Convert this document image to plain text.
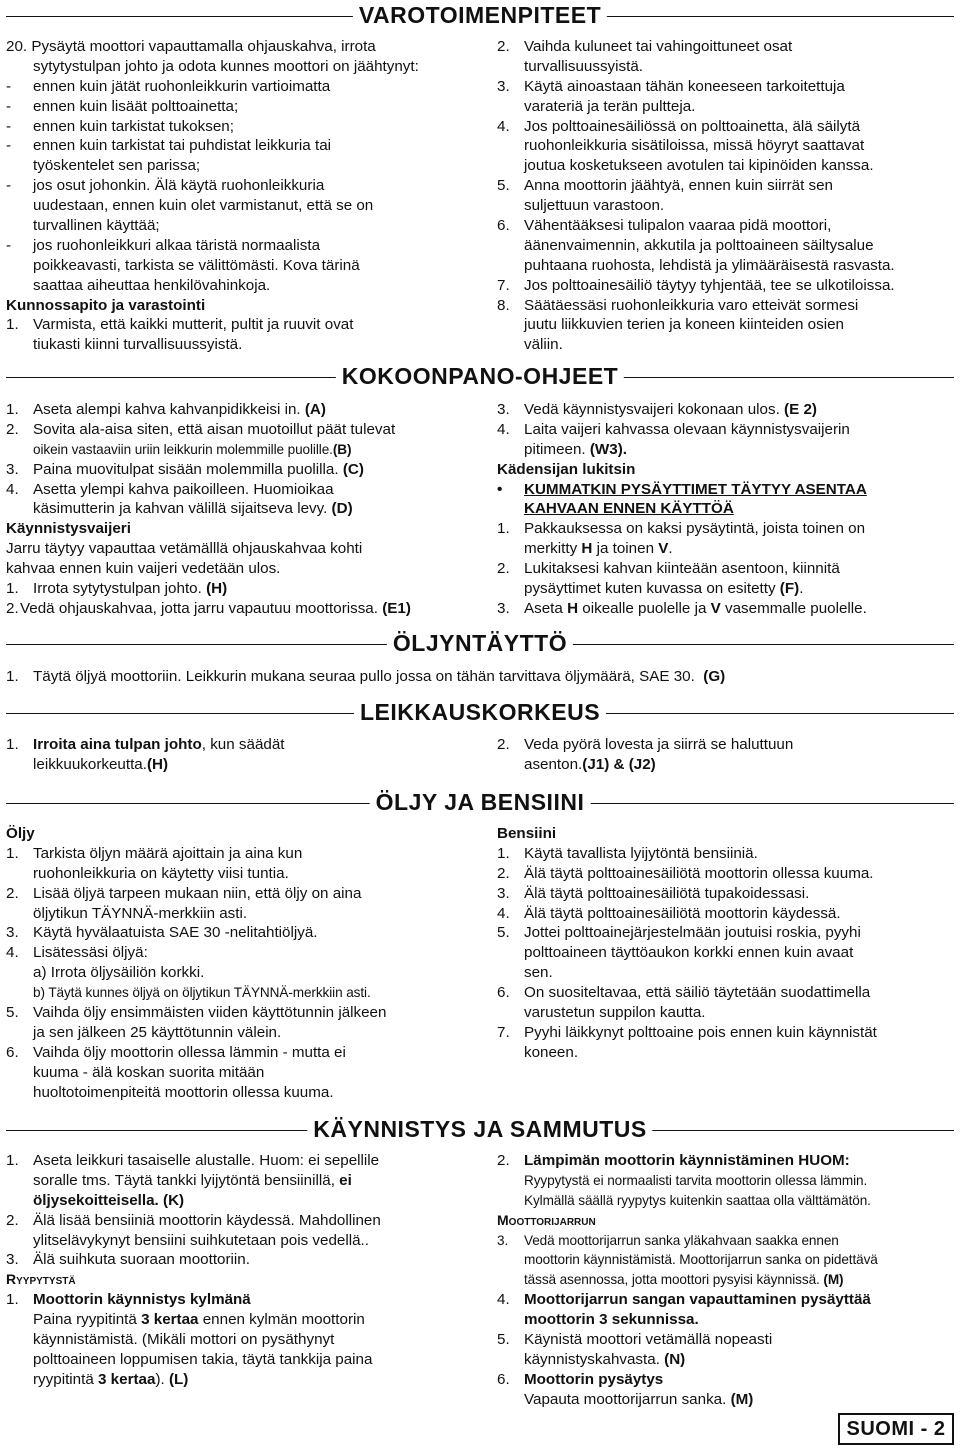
VAROTOIMENPITEET
20. Pysäytä moottori vapauttamalla ohjauskahva, irrota
sytytystulpan johto ja odota kunnes moottori on jäähtynyt:
- ennen kuin jätät ruohonleikkurin vartioimatta
- ennen kuin lisäät polttoainetta;
- ennen kuin tarkistat tukoksen;
- ennen kuin tarkistat tai puhdistat leikkuria tai
työskentelet sen parissa;
- jos osut johonkin. Älä käytä ruohonleikkuria
uudestaan, ennen kuin olet varmistanut, että se on
turvallinen käyttää;
- jos ruohonleikkuri alkaa täristä normaalista
poikkeavasti, tarkista se välittömästi. Kova tärinä
saattaa aiheuttaa henkilövahinkoja.
Kunnossapito ja varastointi
1. Varmista, että kaikki mutterit, pultit ja ruuvit ovat
tiukasti kiinni turvallisuussyistä.
2. Vaihda kuluneet tai vahingoittuneet osat
turvallisuussyistä.
3. Käytä ainoastaan tähän koneeseen tarkoitettuja
varateriä ja terän pultteja.
4. Jos polttoainesäiliössä on polttoainetta, älä säilytä
ruohonleikkuria sisätiloissa, missä höyryt saattavat
joutua kosketukseen avotulen tai kipinöiden kanssa.
5. Anna moottorin jäähtyä, ennen kuin siirrät sen
suljettuun varastoon.
6. Vähentääksesi tulipalon vaaraa pidä moottori,
äänenvaimennin, akkutila ja polttoaineen säiltysalue
puhtaana ruohosta, lehdistä ja ylimääräisestä rasvasta.
7. Jos polttoainesäiliö täytyy tyhjentää, tee se ulkotiloissa.
8. Säätäessäsi ruohonleikkuria varo etteivät sormesi
juutu liikkuvien terien ja koneen kiinteiden osien
väliin.
KOKOONPANO-OHJEET
1. Aseta alempi kahva kahvanpidikkeisi in. (A)
2. Sovita ala-aisa siten, että aisan muotoillut päät tulevat
oikein vastaaviin uriin leikkurin molemmille puolille.(B)
3. Paina muovitulpat sisään molemmilla puolilla. (C)
4. Asetta ylempi kahva paikoilleen. Huomioikaa
käsimutterin ja kahvan välillä sijaitseva levy. (D)
Käynnistysvaijeri
Jarru täytyy vapauttaa vetämälllä ohjauskahvaa kohti
kahvaa ennen kuin vaijeri vedetään ulos.
1. Irrota sytytystulpan johto. (H)
2. Vedä ohjauskahvaa, jotta jarru vapautuu moottorissa. (E1)
3. Vedä käynnistysvaijeri kokonaan ulos. (E 2)
4. Laita vaijeri kahvassa olevaan käynnistysvaijerin
pitimeen. (W3).
Kädensijan lukitsin
• KUMMATKIN PYSÄYTTIMET TÄYTYY ASENTAA
KAHVAAN ENNEN KÄYTTÖÄ
1. Pakkauksessa on kaksi pysäytintä, joista toinen on
merkitty H ja toinen V.
2. Lukitaksesi kahvan kiinteään asentoon, kiinnitä
pysäyttimet kuten kuvassa on esitetty (F).
3. Aseta H oikealle puolelle ja V vasemmalle puolelle.
ÖLJYNTÄYTTÖ
1. Täytä öljyä moottoriin. Leikkurin mukana seuraa pullo jossa on tähän tarvittava öljymäärä, SAE 30. (G)
LEIKKAUSKORKEUS
1. Irroita aina tulpan johto, kun säädät
leikkuukorkeutta.(H)
2. Veda pyörä lovesta ja siirrä se haluttuun
asenton.(J1) & (J2)
ÖLJY JA BENSIINI
Öljy
1. Tarkista öljyn määrä ajoittain ja aina kun
ruohonleikkuria on käytetty viisi tuntia.
2. Lisää öljyä tarpeen mukaan niin, että öljy on aina
öljytikun TÄYNNÄ-merkkiin asti.
3. Käytä hyvälaatuista SAE 30 -nelitahtiöljyä.
4. Lisätessäsi öljyä:
a) Irrota öljysäiliön korkki.
b) Täytä kunnes öljyä on öljytikun TÄYNNÄ-merkkiin asti.
5. Vaihda öljy ensimmäisten viiden käyttötunnin jälkeen
ja sen jälkeen 25 käyttötunnin välein.
6. Vaihda öljy moottorin ollessa lämmin - mutta ei
kuuma - älä koskan suorita mitään
huoltotoimenpiteitä moottorin ollessa kuuma.
Bensiini
1. Käytä tavallista lyijytöntä bensiiniä.
2. Älä täytä polttoainesäiliötä moottorin ollessa kuuma.
3. Älä täytä polttoainesäiliötä tupakoidessasi.
4. Älä täytä polttoainesäiliötä moottorin käydessä.
5. Jottei polttoainejärjestelmään joutuisi roskia, pyyhi
polttoaineen täyttöaukon korkki ennen kuin avaat
sen.
6. On suositeltavaa, että säiliö täytetään suodattimella
varustetun suppilon kautta.
7. Pyyhi läikkynyt polttoaine pois ennen kuin käynnistät
koneen.
KÄYNNISTYS JA SAMMUTUS
1. Aseta leikkuri tasaiselle alustalle. Huom: ei sepellile
soralle tms. Täytä tankki lyijytöntä bensiinillä, ei
öljysekoitteisella. (K)
2. Älä lisää bensiiniä moottorin käydessä. Mahdollinen
ylitselävykynyt bensiini suihkutetaan pois vedellä..
3. Älä suihkuta suoraan moottoriin.
Ryypytystä
1. Moottorin käynnistys kylmänä
Paina ryypitintä 3 kertaa ennen kylmän moottorin
käynnistämistä. (Mikäli mottori on pysäthynyt
polttoaineen loppumisen takia, täytä tankkija paina
ryypitintä 3 kertaa). (L)
2. Lämpimän moottorin käynnistäminen HUOM:
Ryypytystä ei normaalisti tarvita moottorin ollessa lämmin.
Kylmällä säällä ryypytys kuitenkin saattaa olla välttämätön.
Moottorijarrun
3. Vedä moottorijarrun sanka yläkahvaan saakka ennen
moottorin käynnistämistä. Moottorijarrun sanka on pidettävä
tässä asennossa, jotta moottori pysyisi käynnissä. (M)
4. Moottorijarrun sangan vapauttaminen pysäyttää
moottorin 3 sekunnissa.
5. Käynistä moottori vetämällä nopeasti
käynnistyskahvasta. (N)
6. Moottorin pysäytys
Vapauta moottorijarrun sanka. (M)
SUOMI - 2
